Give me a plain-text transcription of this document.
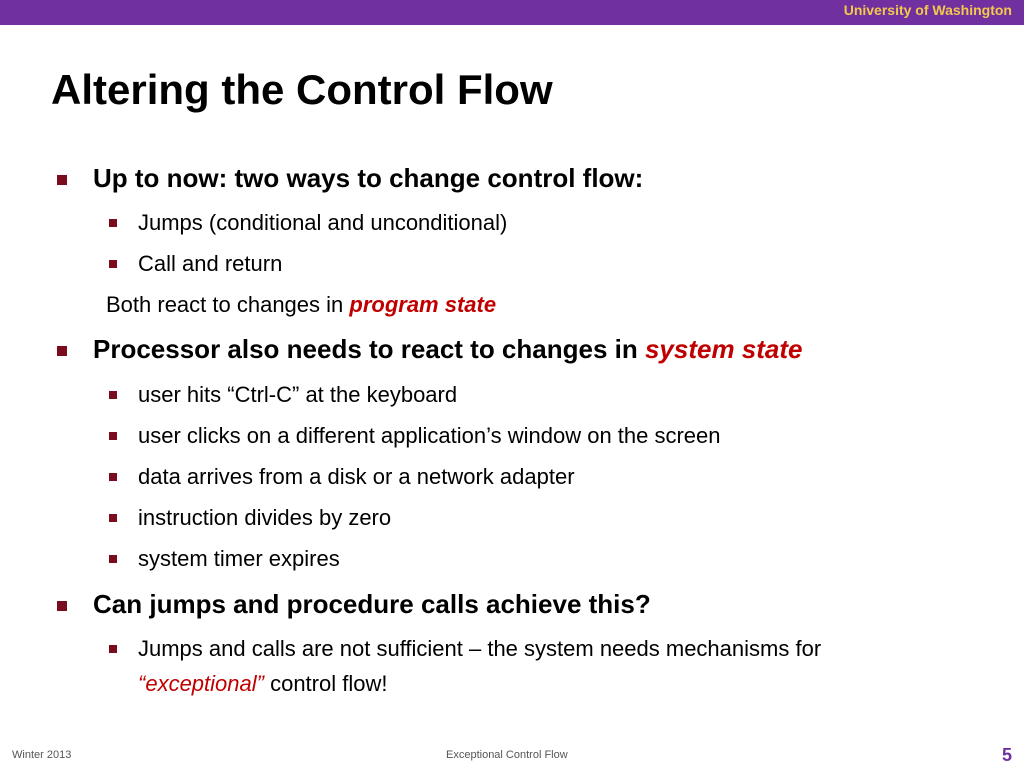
University of Washington
Altering the Control Flow
Up to now: two ways to change control flow:
Jumps (conditional and unconditional)
Call and return
Both react to changes in program state
Processor also needs to react to changes in system state
user hits “Ctrl-C” at the keyboard
user clicks on a different application’s window on the screen
data arrives from a disk or a network adapter
instruction divides by zero
system timer expires
Can jumps and procedure calls achieve this?
Jumps and calls are not sufficient – the system needs mechanisms for
“exceptional” control flow!
Winter 2013	Exceptional Control Flow	5
